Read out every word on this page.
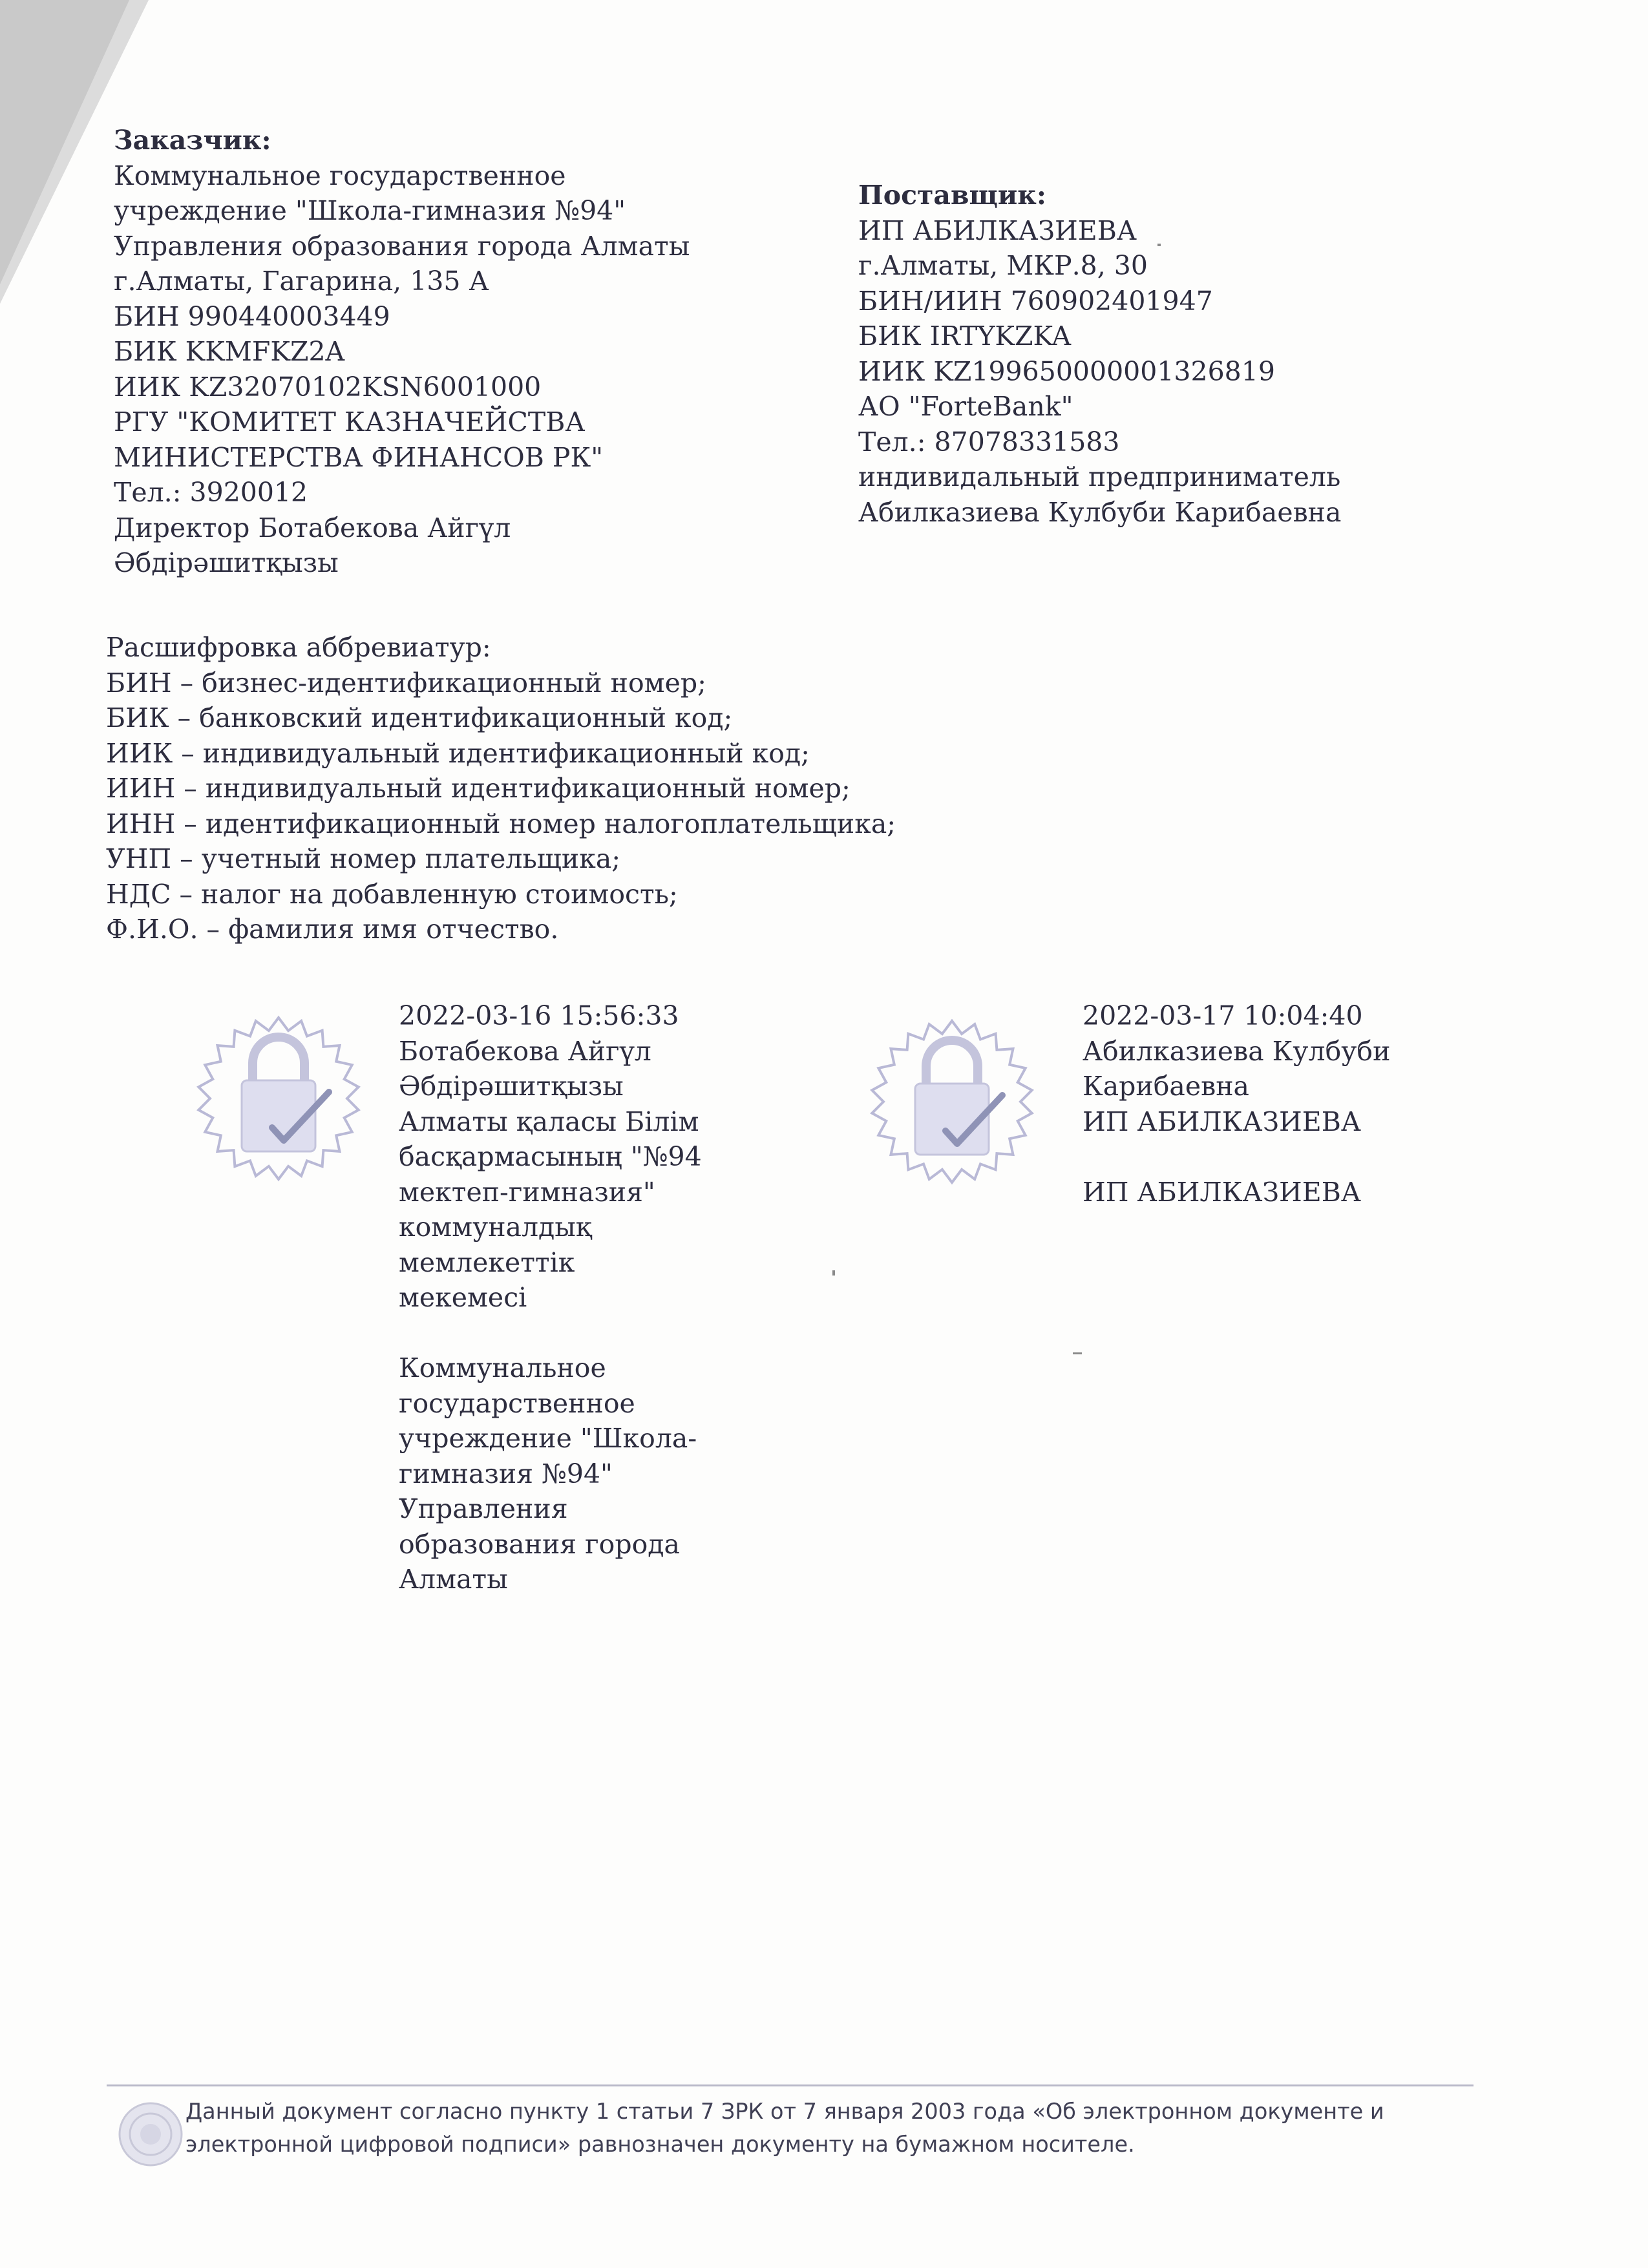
Заказчик:
Коммунальное государственное
учреждение "Школа-гимназия №94"
Управления образования города Алматы
г.Алматы, Гагарина, 135 А
БИН 990440003449
БИК KKMFKZ2A
ИИК KZ32070102KSN6001000
РГУ "КОМИТЕТ КАЗНАЧЕЙСТВА
МИНИСТЕРСТВА ФИНАНСОВ РК"
Тел.: 3920012
Директор Ботабекова Айгүл
Әбдірәшитқызы
Поставщик:
ИП АБИЛКАЗИЕВА
г.Алматы, МКР.8, 30
БИН/ИИН 760902401947
БИК IRTYKZKA
ИИК KZ199650000001326819
АО "ForteBank"
Тел.: 87078331583
индивидальный предприниматель
Абилказиева Кулбуби Карибаевна
Расшифровка аббревиатур:
БИН – бизнес-идентификационный номер;
БИК – банковский идентификационный код;
ИИК – индивидуальный идентификационный код;
ИИН – индивидуальный идентификационный номер;
ИНН – идентификационный номер налогоплательщика;
УНП – учетный номер плательщика;
НДС – налог на добавленную стоимость;
Ф.И.О. – фамилия имя отчество.
2022-03-16 15:56:33
Ботабекова Айгүл
Әбдірәшитқызы
Алматы қаласы Білім
басқармасының "№94
мектеп-гимназия"
коммуналдық
мемлекеттік
мекемесі
Коммунальное
государственное
учреждение "Школа-
гимназия №94"
Управления
образования города
Алматы
2022-03-17 10:04:40
Абилказиева Кулбуби
Карибаевна
ИП АБИЛКАЗИЕВА
ИП АБИЛКАЗИЕВА
Данный документ согласно пункту 1 статьи 7 ЗРК от 7 января 2003 года «Об электронном документе и
электронной цифровой подписи» равнозначен документу на бумажном носителе.
